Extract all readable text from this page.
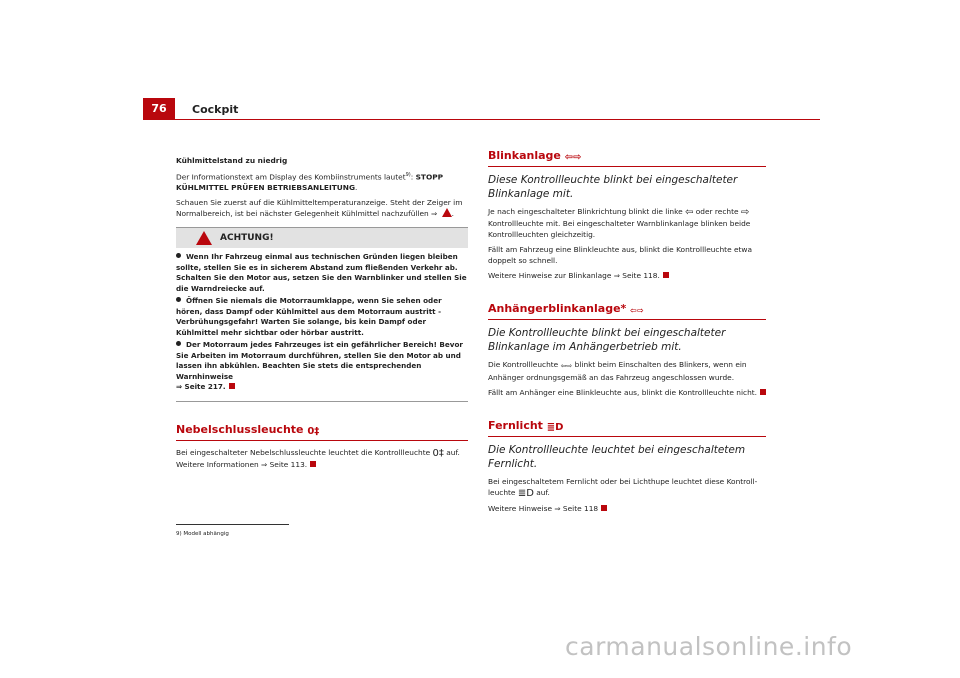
76	Cockpit

Kühlmittelstand zu niedrig

Der Informationstext am Display des Kombiinstruments lautet$^{9)}$: STOPP KÜHLMITTEL PRÜFEN BETRIEBSANLEITUNG.

Schauen Sie zuerst auf die Kühlmitteltemperaturanzeige. Steht der Zeiger im Normalbereich, ist bei nächster Gelegenheit Kühlmittel nachzufüllen ⇒ .

ACHTUNG!

Wenn Ihr Fahrzeug einmal aus technischen Gründen liegen bleiben sollte, stellen Sie es in sicherem Abstand zum fließenden Verkehr ab. Schalten Sie den Motor aus, setzen Sie den Warnblinker und stellen Sie die Warndreiecke auf.

Öffnen Sie niemals die Motorraumklappe, wenn Sie sehen oder hören, dass Dampf oder Kühlmittel aus dem Motorraum austritt - Verbrühungsgefahr! Warten Sie solange, bis kein Dampf oder Kühlmittel mehr sichtbar oder hörbar austritt.

Der Motorraum jedes Fahrzeuges ist ein gefährlicher Bereich! Bevor Sie Arbeiten im Motorraum durchführen, stellen Sie den Motor ab und lassen ihn abkühlen. Beachten Sie stets die entsprechenden Warnhinweise
⇒ Seite 217.

Nebelschlussleuchte 0‡

Bei eingeschalteter Nebelschlussleuchte leuchtet die Kontrollleuchte 0‡ auf. Weitere Informationen ⇒ Seite 113.

9) Modell abhängig

Blinkanlage ⇦⇨

Diese Kontrollleuchte blinkt bei eingeschalteter Blinkanlage mit.

Je nach eingeschalteter Blinkrichtung blinkt die linke ⇦ oder rechte ⇨ Kontrollleuchte mit. Bei eingeschalteter Warnblinkanlage blinken beide Kontrollleuchten gleichzeitig.

Fällt am Fahrzeug eine Blinkleuchte aus, blinkt die Kontrollleuchte etwa doppelt so schnell.

Weitere Hinweise zur Blinkanlage ⇒ Seite 118.

Anhängerblinkanlage* ⇦⇨

Die Kontrollleuchte blinkt bei eingeschalteter Blinkanlage im Anhängerbetrieb mit.

Die Kontrollleuchte ⇦⇨ blinkt beim Einschalten des Blinkers, wenn ein Anhänger ordnungsgemäß an das Fahrzeug angeschlossen wurde.

Fällt am Anhänger eine Blinkleuchte aus, blinkt die Kontrollleuchte nicht.

Fernlicht ≣D

Die Kontrollleuchte leuchtet bei eingeschaltetem Fernlicht.

Bei eingeschaltetem Fernlicht oder bei Lichthupe leuchtet diese Kontrollleuchte ≣D auf.

Weitere Hinweise ⇒ Seite 118

carmanualsonline.info
